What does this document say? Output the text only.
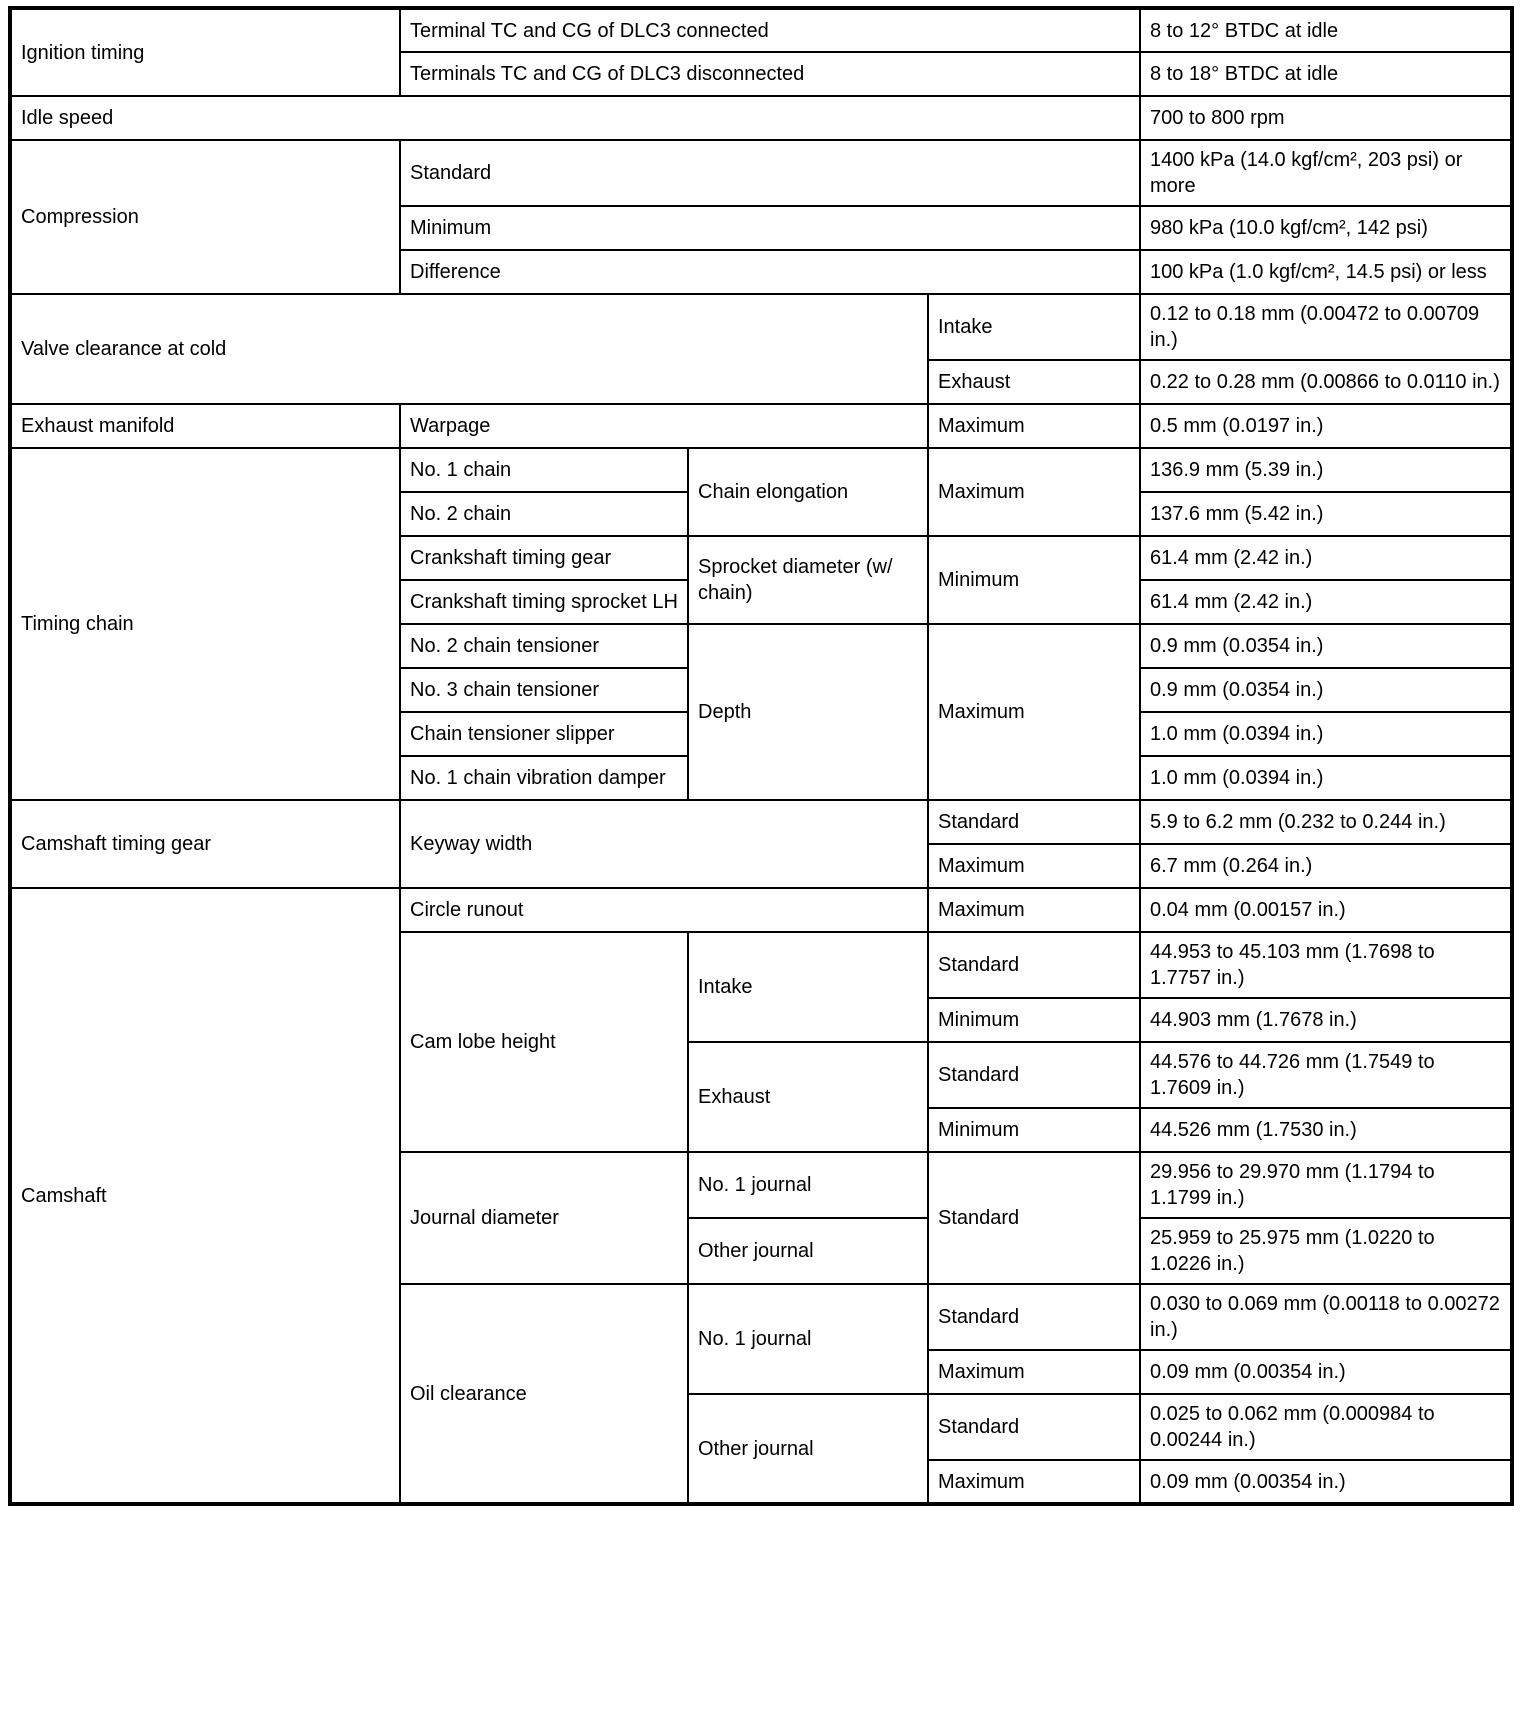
Ignition timing	Terminal TC and CG of DLC3 connected			8 to 12° BTDC at idle
	Terminals TC and CG of DLC3 disconnected			8 to 18° BTDC at idle
Idle speed				700 to 800 rpm
Compression	Standard			1400 kPa (14.0 kgf/cm², 203 psi) or more
	Minimum			980 kPa (10.0 kgf/cm², 142 psi)
	Difference			100 kPa (1.0 kgf/cm², 14.5 psi) or less
Valve clearance at cold			Intake	0.12 to 0.18 mm (0.00472 to 0.00709 in.)
			Exhaust	0.22 to 0.28 mm (0.00866 to 0.0110 in.)
Exhaust manifold	Warpage		Maximum	0.5 mm (0.0197 in.)
Timing chain	No. 1 chain	Chain elongation	Maximum	136.9 mm (5.39 in.)
	No. 2 chain			137.6 mm (5.42 in.)
	Crankshaft timing gear	Sprocket diameter (w/ chain)	Minimum	61.4 mm (2.42 in.)
	Crankshaft timing sprocket LH			61.4 mm (2.42 in.)
	No. 2 chain tensioner	Depth	Maximum	0.9 mm (0.0354 in.)
	No. 3 chain tensioner			0.9 mm (0.0354 in.)
	Chain tensioner slipper			1.0 mm (0.0394 in.)
	No. 1 chain vibration damper			1.0 mm (0.0394 in.)
Camshaft timing gear	Keyway width		Standard	5.9 to 6.2 mm (0.232 to 0.244 in.)
			Maximum	6.7 mm (0.264 in.)
Camshaft	Circle runout		Maximum	0.04 mm (0.00157 in.)
	Cam lobe height	Intake	Standard	44.953 to 45.103 mm (1.7698 to 1.7757 in.)
			Minimum	44.903 mm (1.7678 in.)
		Exhaust	Standard	44.576 to 44.726 mm (1.7549 to 1.7609 in.)
			Minimum	44.526 mm (1.7530 in.)
	Journal diameter	No. 1 journal	Standard	29.956 to 29.970 mm (1.1794 to 1.1799 in.)
		Other journal		25.959 to 25.975 mm (1.0220 to 1.0226 in.)
	Oil clearance	No. 1 journal	Standard	0.030 to 0.069 mm (0.00118 to 0.00272 in.)
			Maximum	0.09 mm (0.00354 in.)
		Other journal	Standard	0.025 to 0.062 mm (0.000984 to 0.00244 in.)
			Maximum	0.09 mm (0.00354 in.)
